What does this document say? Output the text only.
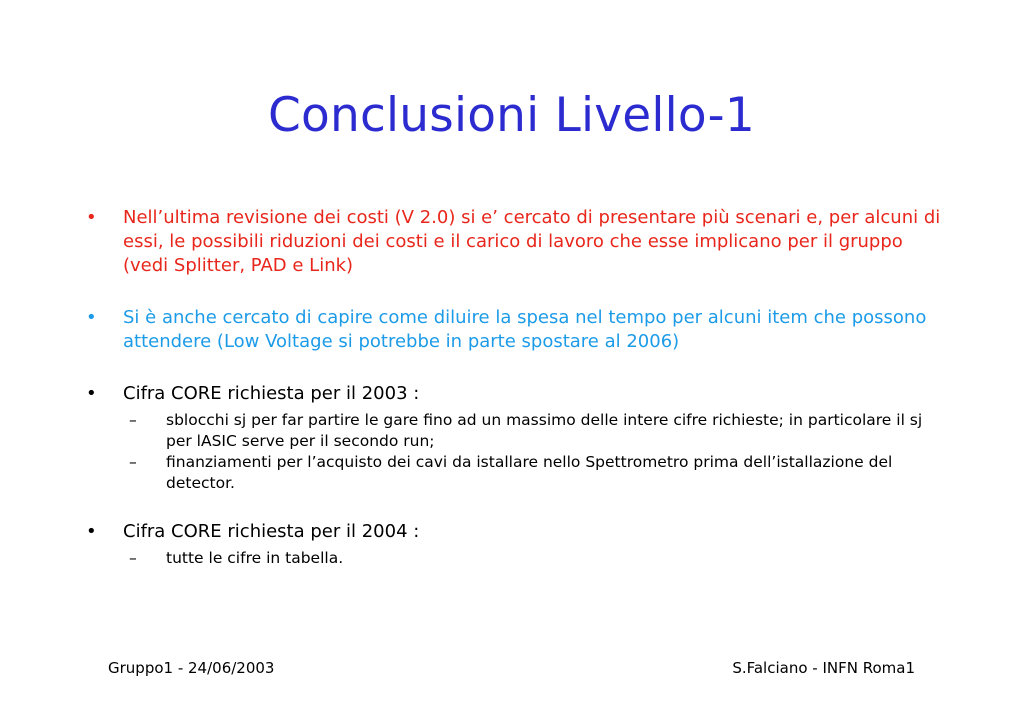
Conclusioni Livello-1
• Nell’ultima revisione dei costi (V 2.0) si e’ cercato di presentare più scenari e, per alcuni di essi, le possibili riduzioni dei costi e il carico di lavoro che esse implicano per il gruppo (vedi Splitter, PAD e Link)
• Si è anche cercato di capire come diluire la spesa nel tempo per alcuni item che possono attendere (Low Voltage si potrebbe in parte spostare al 2006)
• Cifra CORE richiesta per il 2003 :
– sblocchi sj per far partire le gare fino ad un massimo delle intere cifre richieste; in particolare il sj per lASIC serve per il secondo run;
– finanziamenti per l’acquisto dei cavi da istallare nello Spettrometro prima dell’istallazione del detector.
• Cifra CORE richiesta per il 2004 :
– tutte le cifre in tabella.
Gruppo1 - 24/06/2003	S.Falciano - INFN Roma1
